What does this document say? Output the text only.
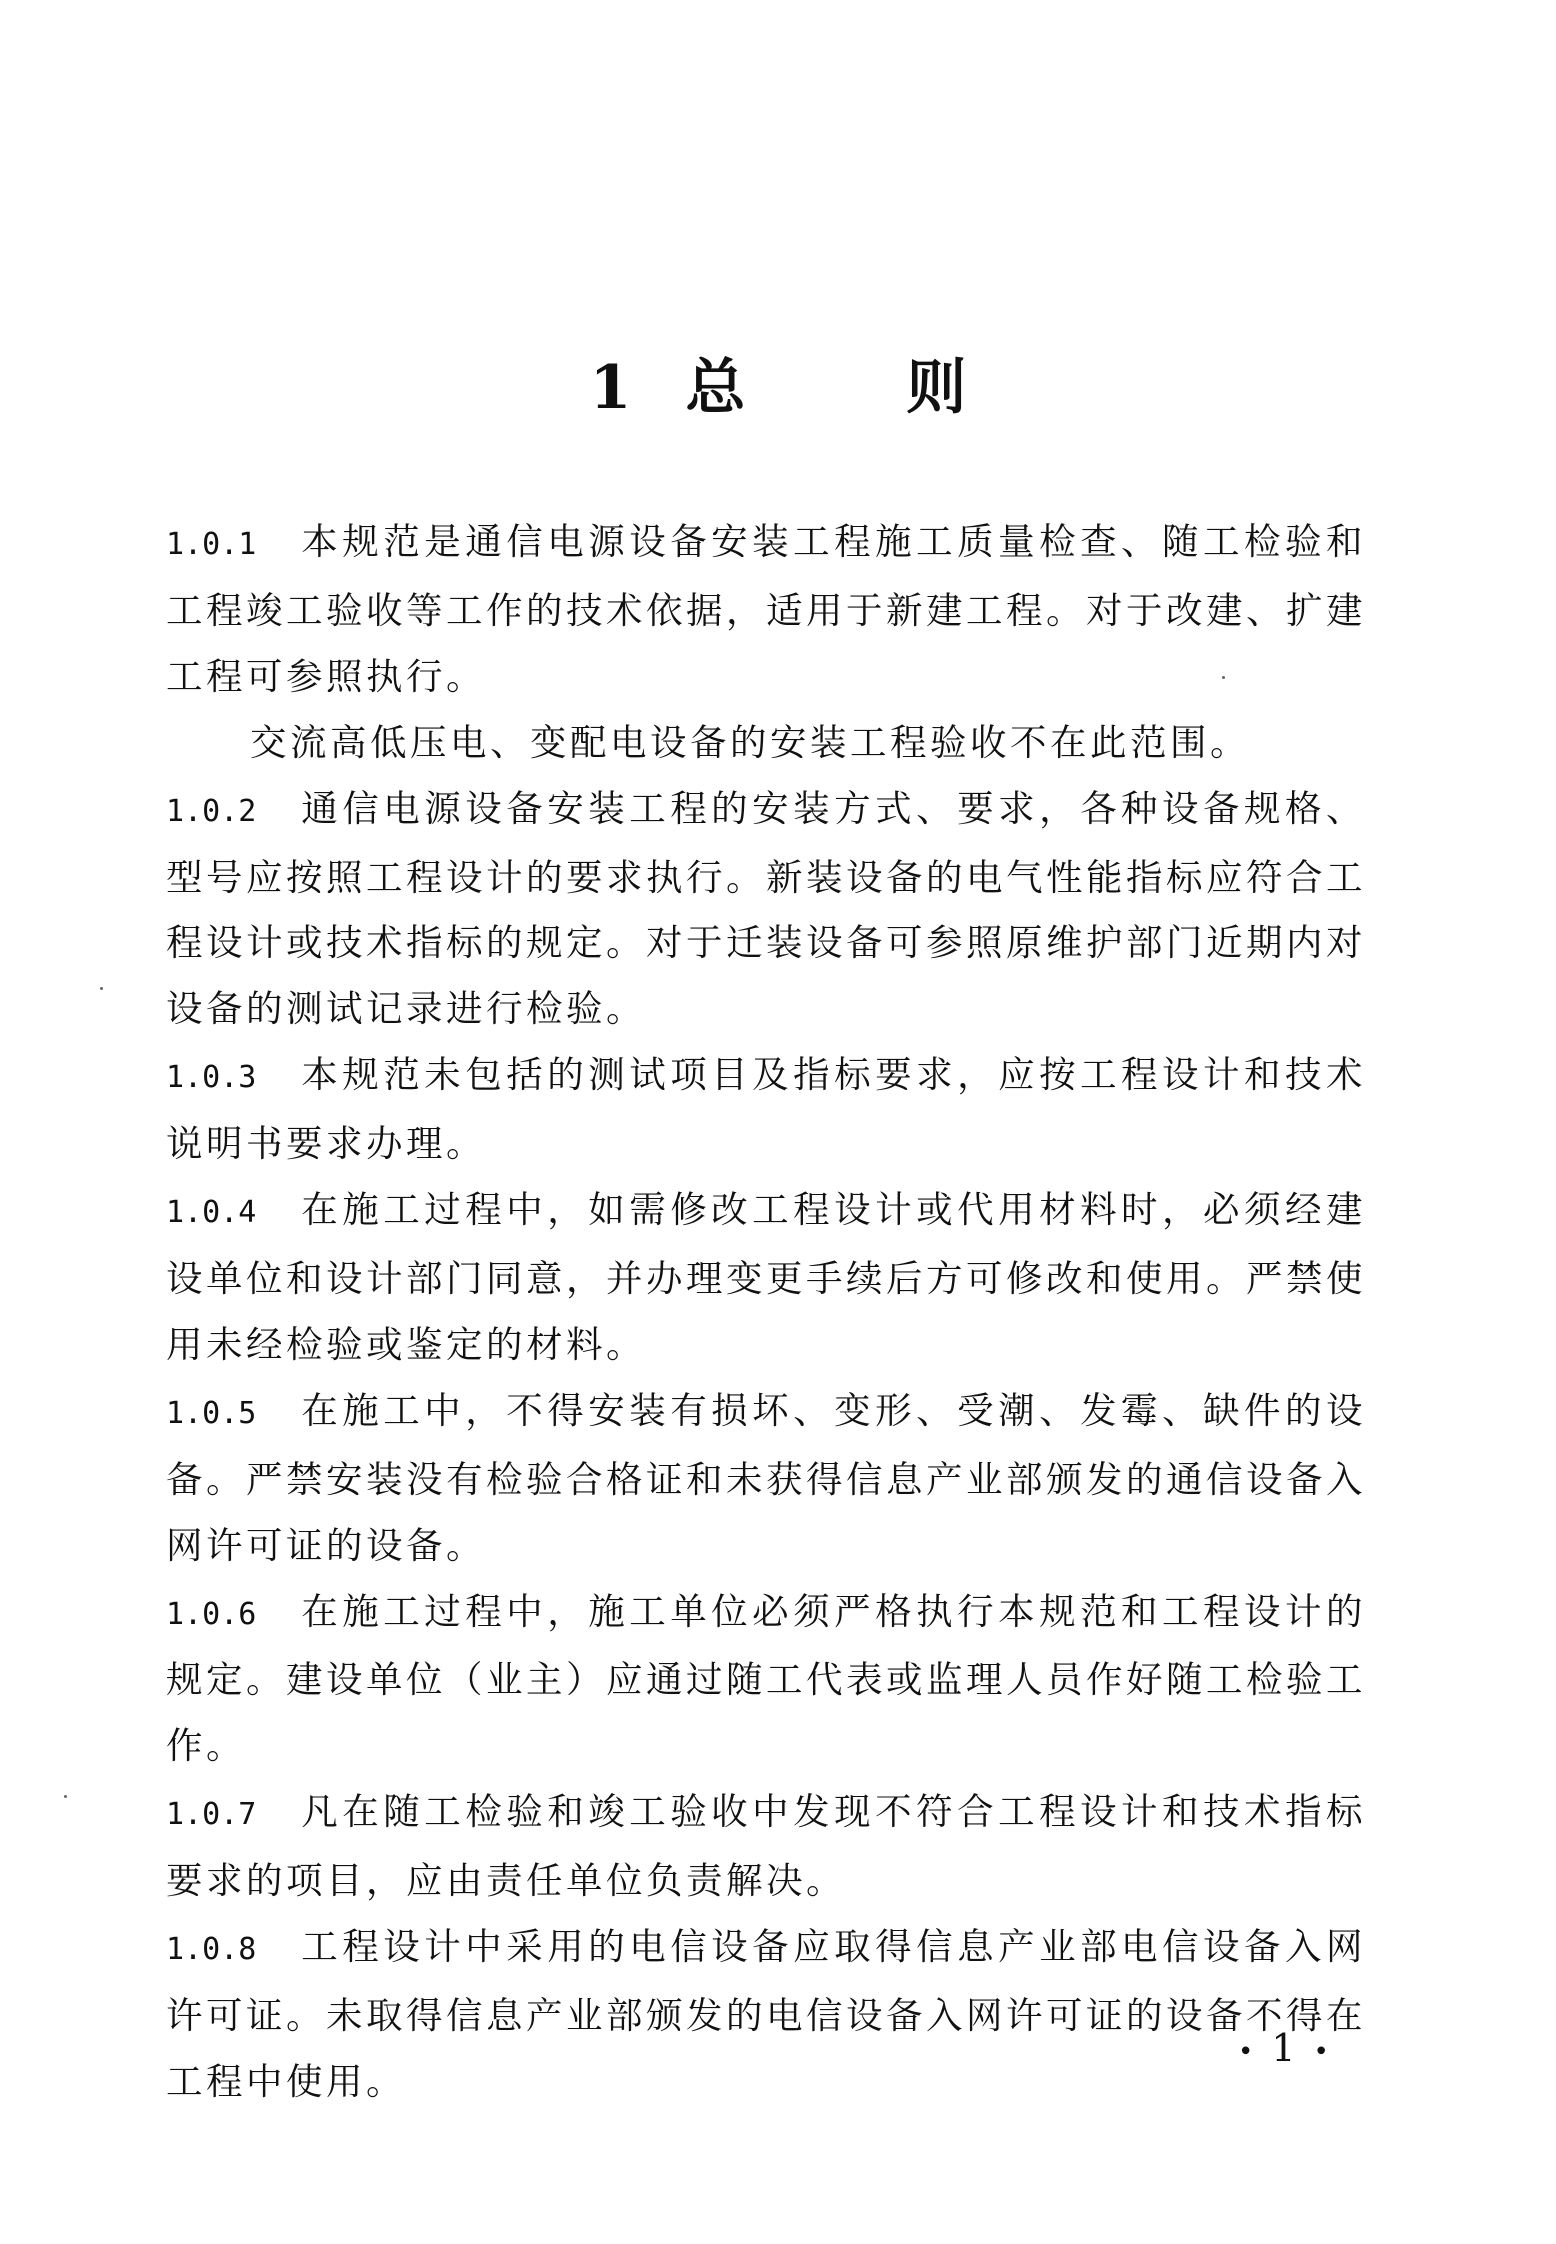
1 总 则

1.0.1 本规范是通信电源设备安装工程施工质量检查、随工检验和工程竣工验收等工作的技术依据，适用于新建工程。对于改建、扩建工程可参照执行。

交流高低压电、变配电设备的安装工程验收不在此范围。

1.0.2 通信电源设备安装工程的安装方式、要求，各种设备规格、型号应按照工程设计的要求执行。新装设备的电气性能指标应符合工程设计或技术指标的规定。对于迁装设备可参照原维护部门近期内对设备的测试记录进行检验。

1.0.3 本规范未包括的测试项目及指标要求，应按工程设计和技术说明书要求办理。

1.0.4 在施工过程中，如需修改工程设计或代用材料时，必须经建设单位和设计部门同意，并办理变更手续后方可修改和使用。严禁使用未经检验或鉴定的材料。

1.0.5 在施工中，不得安装有损坏、变形、受潮、发霉、缺件的设备。严禁安装没有检验合格证和未获得信息产业部颁发的通信设备入网许可证的设备。

1.0.6 在施工过程中，施工单位必须严格执行本规范和工程设计的规定。建设单位（业主）应通过随工代表或监理人员作好随工检验工作。

1.0.7 凡在随工检验和竣工验收中发现不符合工程设计和技术指标要求的项目，应由责任单位负责解决。

1.0.8 工程设计中采用的电信设备应取得信息产业部电信设备入网许可证。未取得信息产业部颁发的电信设备入网许可证的设备不得在工程中使用。

• 1 •
